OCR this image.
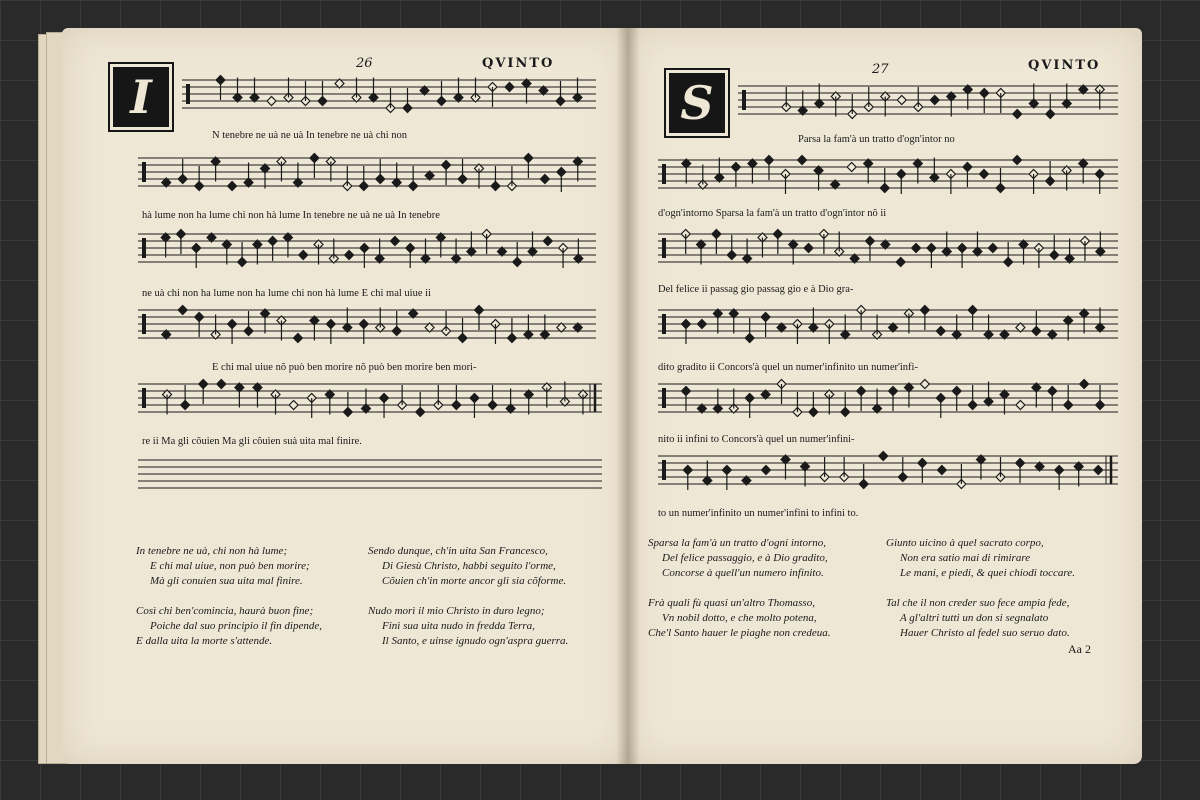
26	QVINTO
I
N tenebre ne uà ne uà In tenebre ne uà chi non
hà lume non ha lume chi non hà lume In tenebre ne uà ne uà In tenebre
ne uà chi non ha lume non ha lume chi non hà lume E chi mal uiue ii
E chi mal uiue nõ può ben morire nõ può ben morire ben mori-
re ii Ma gli cõuien Ma gli cõuien suà uita mal finire.
In tenebre ne uà, chi non hà lume;
E chi mal uiue, non può ben morire;
Mà gli conuien sua uita mal finire.

Così chi ben'comincia, haurà buon fine;
Poiche dal suo principio il fin dipende,
E dalla uita la morte s'attende.
Sendo dunque, ch'in uita San Francesco,
Di Giesù Christo, habbi seguito l'orme,
Cõuien ch'in morte ancor gli sia cõforme.

Nudo morì il mio Christo in duro legno;
Finì sua uita nudo in fredda Terra,
Il Santo, e uinse ignudo ogn'aspra guerra.
27	QVINTO
S
Parsa la fam'à un tratto d'ogn'intor no
d'ogn'intorno Sparsa la fam'à un tratto d'ogn'intor nõ ii
Del felice ii passag gio passag gio e à Dio gra-
dito gradito ii Concors'à quel un numer'infinito un numer'infi-
nito ii infini to Concors'à quel un numer'infini-
to un numer'infinito un numer'infini to infini to.
Sparsa la fam'à un tratto d'ogni intorno,
Del felice passaggio, e à Dio gradito,
Concorse à quell'un numero infinito.

Frà quali fù quasi un'altro Thomasso,
Vn nobil dotto, e che molto potena,
Che'l Santo hauer le piaghe non credeua.
Giunto uicino à quel sacrato corpo,
Non era satio mai di rimirare
Le mani, e piedi, & quei chiodi toccare.

Tal che il non creder suo fece ampia fede,
A gl'altri tutti un don si segnalato
Hauer Christo al fedel suo seruo dato.
Aa 2
